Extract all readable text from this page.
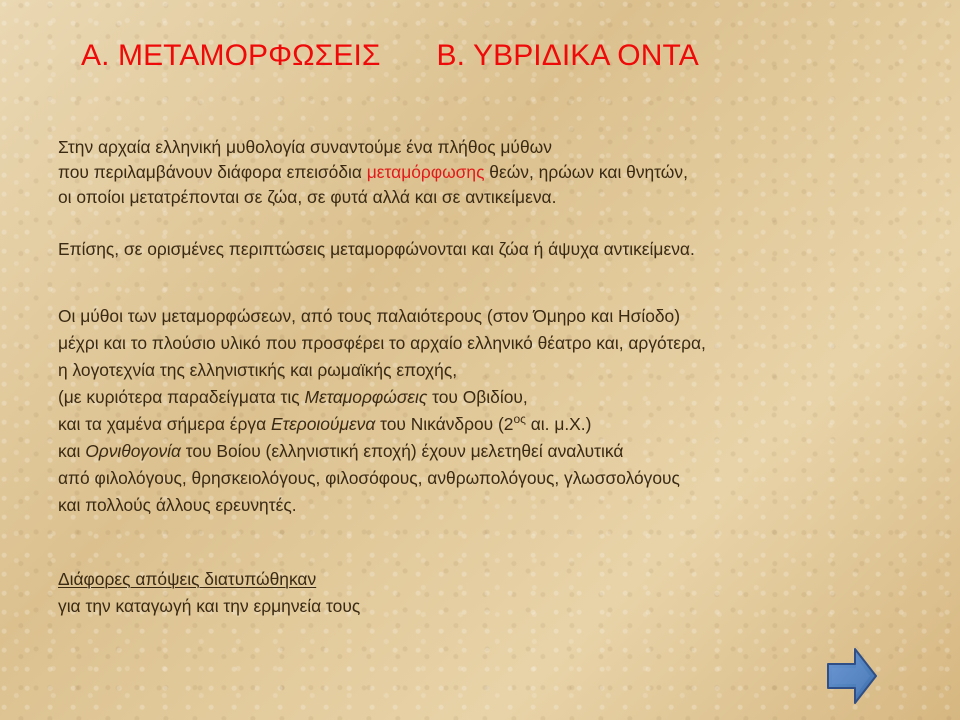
Α. ΜΕΤΑΜΟΡΦΩΣΕΙΣ Β. ΥΒΡΙΔΙΚΑ ΟΝΤΑ
Στην αρχαία ελληνική μυθολογία συναντούμε ένα πλήθος μύθων
που περιλαμβάνουν διάφορα επεισόδια μεταμόρφωσης θεών, ηρώων και θνητών,
οι οποίοι μετατρέπονται σε ζώα, σε φυτά αλλά και σε αντικείμενα.
Επίσης, σε ορισμένες περιπτώσεις μεταμορφώνονται και ζώα ή άψυχα αντικείμενα.
Οι μύθοι των μεταμορφώσεων, από τους παλαιότερους (στον Όμηρο και Ησίοδο)
μέχρι και το πλούσιο υλικό που προσφέρει το αρχαίο ελληνικό θέατρο και, αργότερα,
η λογοτεχνία της ελληνιστικής και ρωμαϊκής εποχής,
(με κυριότερα παραδείγματα τις Μεταμορφώσεις του Οβιδίου,
και τα χαμένα σήμερα έργα Ετεροιούμενα του Νικάνδρου ($2^{o\varsigma}$ αι. μ.Χ.)
και Ορνιθογονία του Βοίου (ελληνιστική εποχή) έχουν μελετηθεί αναλυτικά
από φιλολόγους, θρησκειολόγους, φιλοσόφους, ανθρωπολόγους, γλωσσολόγους
και πολλούς άλλους ερευνητές.
Διάφορες απόψεις διατυπώθηκαν
για την καταγωγή και την ερμηνεία τους
